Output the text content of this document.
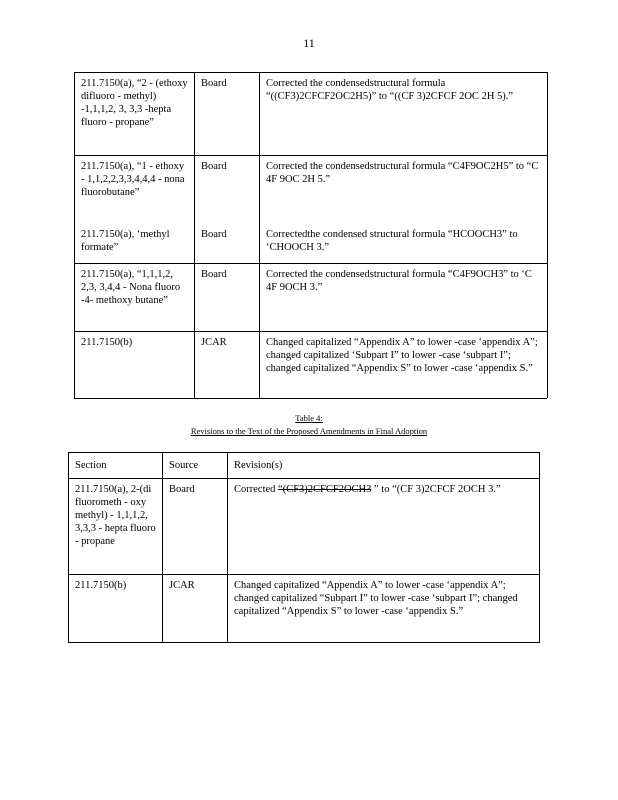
11
211.7150(a), “2 - (ethoxy difluoro - methyl) -1,1,1,2, 3, 3,3 -hepta fluoro - propane”	Board	Corrected the condensedstructural formula “((CF3)2CFCF2OC2H5)” to “((CF 3)2CFCF 2OC 2H 5).”
211.7150(a), “1 - ethoxy - 1,1,2,2,3,3,4,4,4 - nona fluorobutane”	Board	Corrected the condensedstructural formula “C4F9OC2H5” to “C 4F 9OC 2H 5.”
211.7150(a), ‘methyl formate”	Board	Correctedthe condensed structural formula “HCOOCH3” to ‘CHOOCH 3.”
211.7150(a), “1,1,1,2, 2,3, 3,4,4 - Nona fluoro -4- methoxy butane”	Board	Corrected the condensedstructural formula “C4F9OCH3” to ‘C 4F 9OCH 3.”
211.7150(b)	JCAR	Changed capitalized “Appendix A” to lower -case ‘appendix A”; changed capitalized ‘Subpart I” to lower -case ‘subpart I”; changed capitalized “Appendix S” to lower -case ‘appendix S.”
Table 4:
Revisions to the Text of the Proposed Amendments in Final Adoption
Section	Source	Revision(s)
211.7150(a), 2-(di fluorometh - oxy methyl) - 1,1,1,2, 3,3,3 - hepta fluoro - propane	Board	Corrected “(CF3)2CFCF2OCH3 ” to “(CF 3)2CFCF 2OCH 3.”
211.7150(b)	JCAR	Changed capitalized “Appendix A” to lower -case ‘appendix A”; changed capitalized “Subpart I” to lower -case ‘subpart I”; changed capitalized “Appendix S” to lower -case ‘appendix S.”
